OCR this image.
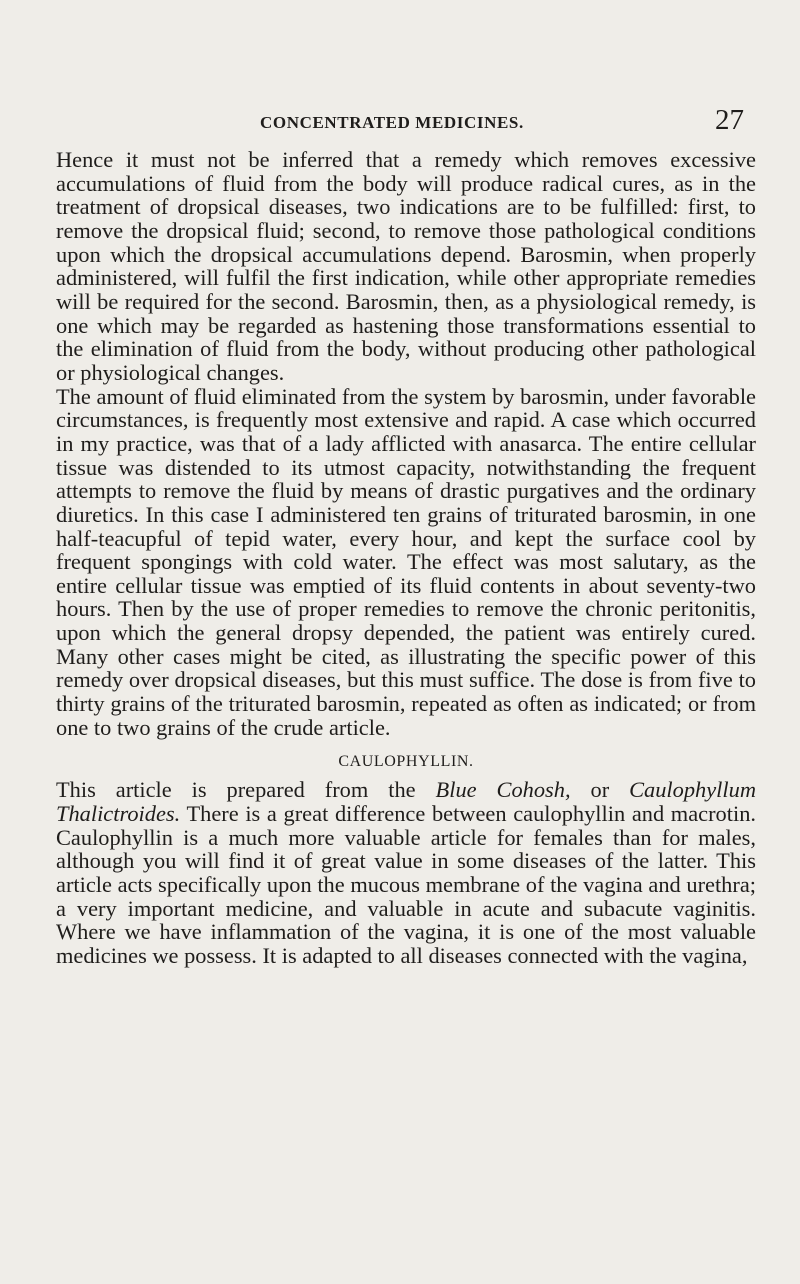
CONCENTRATED MEDICINES.	27

Hence it must not be inferred that a remedy which removes excessive accumulations of fluid from the body will produce radical cures, as in the treatment of dropsical diseases, two indications are to be fulfilled: first, to remove the dropsical fluid; second, to remove those pathological conditions upon which the dropsical accumulations depend. Barosmin, when properly administered, will fulfil the first indication, while other appropriate remedies will be required for the second. Barosmin, then, as a physiological remedy, is one which may be regarded as hastening those transformations essential to the elimination of fluid from the body, without producing other pathological or physiological changes.

The amount of fluid eliminated from the system by barosmin, under favorable circumstances, is frequently most extensive and rapid. A case which occurred in my practice, was that of a lady afflicted with anasarca. The entire cellular tissue was distended to its utmost capacity, notwithstanding the frequent attempts to remove the fluid by means of drastic purgatives and the ordinary diuretics. In this case I administered ten grains of triturated barosmin, in one half-teacupful of tepid water, every hour, and kept the surface cool by frequent spongings with cold water. The effect was most salutary, as the entire cellular tissue was emptied of its fluid contents in about seventy-two hours. Then by the use of proper remedies to remove the chronic peritonitis, upon which the general dropsy depended, the patient was entirely cured. Many other cases might be cited, as illustrating the specific power of this remedy over dropsical diseases, but this must suffice. The dose is from five to thirty grains of the triturated barosmin, repeated as often as indicated; or from one to two grains of the crude article.

CAULOPHYLLIN.

This article is prepared from the Blue Cohosh, or Caulophyllum Thalictroides. There is a great difference between caulophyllin and macrotin. Caulophyllin is a much more valuable article for females than for males, although you will find it of great value in some diseases of the latter. This article acts specifically upon the mucous membrane of the vagina and urethra; a very important medicine, and valuable in acute and subacute vaginitis. Where we have inflammation of the vagina, it is one of the most valuable medicines we possess. It is adapted to all diseases connected with the vagina,
